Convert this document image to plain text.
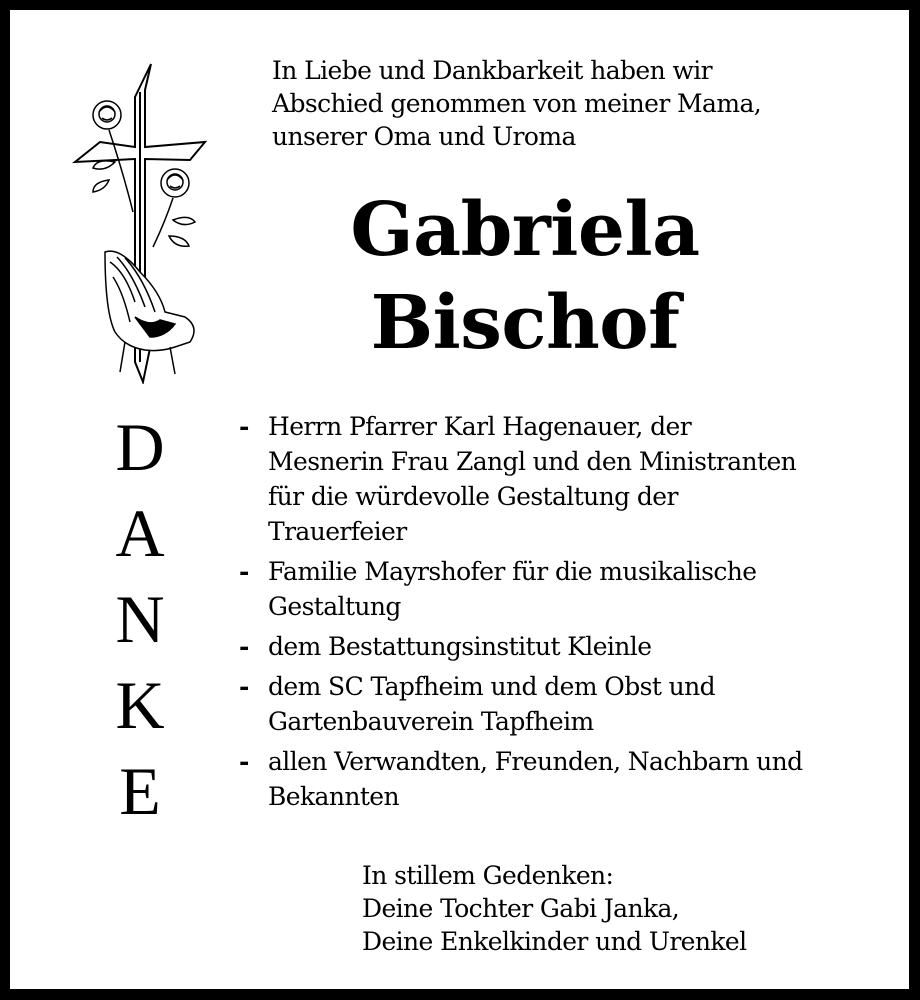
In Liebe und Dankbarkeit haben wir
Abschied genommen von meiner Mama,
unserer Oma und Uroma
Gabriela
Bischof
D
A
N
K
E
- Herrn Pfarrer Karl Hagenauer, der
Mesnerin Frau Zangl und den Ministranten
für die würdevolle Gestaltung der
Trauerfeier
- Familie Mayrshofer für die musikalische
Gestaltung
- dem Bestattungsinstitut Kleinle
- dem SC Tapfheim und dem Obst und
Gartenbauverein Tapfheim
- allen Verwandten, Freunden, Nachbarn und
Bekannten
In stillem Gedenken:
Deine Tochter Gabi Janka,
Deine Enkelkinder und Urenkel
